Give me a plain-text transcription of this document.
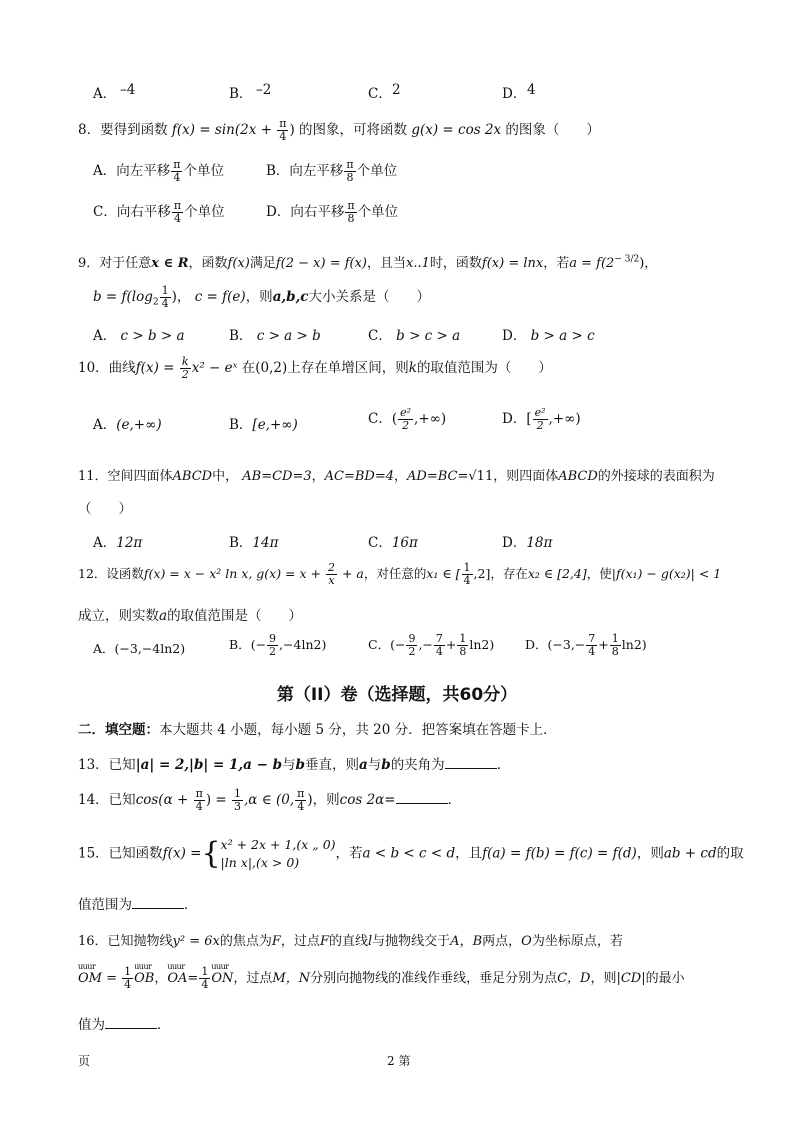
A． –4	B． –2	C． 2	D． 4
8．要得到函数 $f(x) = \sin(2x + \frac{\pi}{4}$ ) 的图象，可将函数 g(x) = cos 2x 的图象（　　）
A．向左平移 $\frac{\pi}{4}$ 个单位	B．向左平移 $\frac{\pi}{8}$ 个单位
C．向右平移 $\frac{\pi}{4}$ 个单位	D．向右平移 $\frac{\pi}{8}$ 个单位
9．对于任意x ∈ R，函数f(x)满足f(2 − x) = f(x)，且当x..1时，函数f(x) = lnx，若$a = f(2^{- 3/2})$，
$b = f(\log_2 \frac{1}{4}$ )， c = f(e)，则a,b,c大小关系是（　　）
A． c > b > a	B． c > a > b	C． b > c > a	D． b > a > c
10．曲线$f(x) = \frac{k}{2} x^2$ − eˣ 在(0,2)上存在单增区间，则k的取值范围为（　　）
A．(e,+∞)	B．[e,+∞)	C．( $\frac{\text{e²}}{2}$ ,+∞)	D．[ $\frac{\text{e²}}{2}$ ,+∞)
11．空间四面体ABCD中， AB=CD=3，AC=BD=4，AD=BC=√11，则四面体ABCD的外接球的表面积为
（　　）
A．12π	B．14π	C．16π	D．18π
12．设函数f(x) = x − x² ln x, $g(x) = x + \frac{2}{x} + a$，对任意的x₁ ∈ [ $\frac{1}{4} ,2$]，存在x₂ ∈ [2,4]，使|f(x₁) − g(x₂)| < 1
成立，则实数a的取值范围是（　　）
A．(−3,−4ln2)	B．(− $\frac{9}{2} ,-4\ln 2$)	C．(− $\frac{9}{2}$ ,− $\frac{7}{4} + \frac{1}{8} \ln 2$) D．$(-3,- \frac{7}{4} + \frac{1}{8} \ln 2)$
第（II）卷（选择题，共60分）
二．填空题：本大题共 4 小题，每小题 5 分，共 20 分．把答案填在答题卡上．
13．已知|a| = 2,|b| = 1,a − b与b垂直，则a与b的夹角为	．
14．已知$\cos(\alpha + \frac{\pi}{4}$ ) = $\frac{1}{3} ,\alpha$ ∈ (0, $\frac{\pi}{4}$ )，则cos 2α=	．
15．已知函数f(x) ={ x² + 2x + 1,(x „ 0)
|ln x|,(x > 0)
，若a < b < c < d，且f(a) = f(b) = f(c) = f(d)，则ab + cd的取
值范围为	．
16．已知抛物线y² = 6x的焦点为F，过点F的直线l与抛物线交于A，B两点，O为坐标原点，若
uuur OM = $\frac{1}{4}$ uuur OB，uuur $OA= \frac{1}{4}$ uuur ON，过点M，N分别向抛物线的准线作垂线，垂足分别为点C，D，则|CD|的最小
值为	．
页	2 第
